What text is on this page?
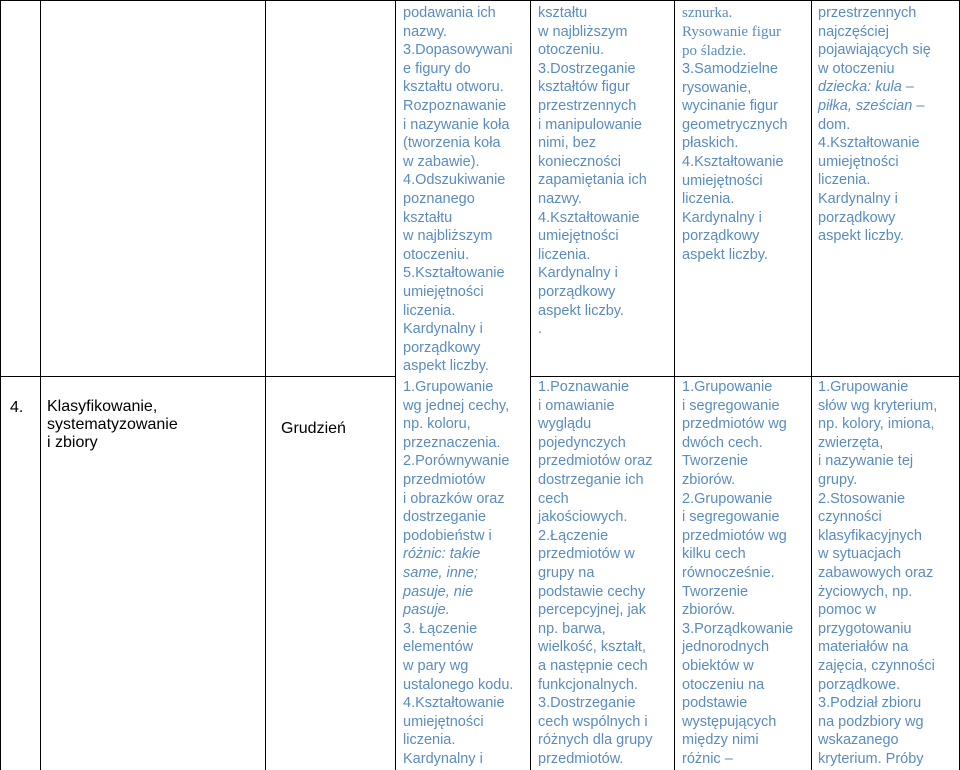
4. Klasyfikowanie,
systematyzowanie
i zbiory
Grudzień
podawania ich
nazwy.
3.Dopasowywani
e figury do
kształtu otworu.
Rozpoznawanie
i nazywanie koła
(tworzenia koła
w zabawie).
4.Odszukiwanie
poznanego
kształtu
w najbliższym
otoczeniu.
5.Kształtowanie
umiejętności
liczenia.
Kardynalny i
porządkowy
aspekt liczby.
1.Grupowanie
wg jednej cechy,
np. koloru,
przeznaczenia.
2.Porównywanie
przedmiotów
i obrazków oraz
dostrzeganie
podobieństw i
różnic: takie
same, inne;
pasuje, nie
pasuje.
3. Łączenie
elementów
w pary wg
ustalonego kodu.
4.Kształtowanie
umiejętności
liczenia.
Kardynalny i
kształtu
w najbliższym
otoczeniu.
3.Dostrzeganie
kształtów figur
przestrzennych
i manipulowanie
nimi, bez
konieczności
zapamiętania ich
nazwy.
4.Kształtowanie
umiejętności
liczenia.
Kardynalny i
porządkowy
aspekt liczby.
.
1.Poznawanie
i omawianie
wyglądu
pojedynczych
przedmiotów oraz
dostrzeganie ich
cech
jakościowych.
2.Łączenie
przedmiotów w
grupy na
podstawie cechy
percepcyjnej, jak
np. barwa,
wielkość, kształt,
a następnie cech
funkcjonalnych.
3.Dostrzeganie
cech wspólnych i
różnych dla grupy
przedmiotów.
sznurka.
Rysowanie figur
po śladzie.
3.Samodzielne
rysowanie,
wycinanie figur
geometrycznych
płaskich.
4.Kształtowanie
umiejętności
liczenia.
Kardynalny i
porządkowy
aspekt liczby.
1.Grupowanie
i segregowanie
przedmiotów wg
dwóch cech.
Tworzenie
zbiorów.
2.Grupowanie
i segregowanie
przedmiotów wg
kilku cech
równocześnie.
Tworzenie
zbiorów.
3.Porządkowanie
jednorodnych
obiektów w
otoczeniu na
podstawie
występujących
między nimi
różnic –
przestrzennych
najczęściej
pojawiających się
w otoczeniu
dziecka: kula –
piłka, sześcian –
dom.
4.Kształtowanie
umiejętności
liczenia.
Kardynalny i
porządkowy
aspekt liczby.
1.Grupowanie
słów wg kryterium,
np. kolory, imiona,
zwierzęta,
i nazywanie tej
grupy.
2.Stosowanie
czynności
klasyfikacyjnych
w sytuacjach
zabawowych oraz
życiowych, np.
pomoc w
przygotowaniu
materiałów na
zajęcia, czynności
porządkowe.
3.Podział zbioru
na podzbiory wg
wskazanego
kryterium. Próby
